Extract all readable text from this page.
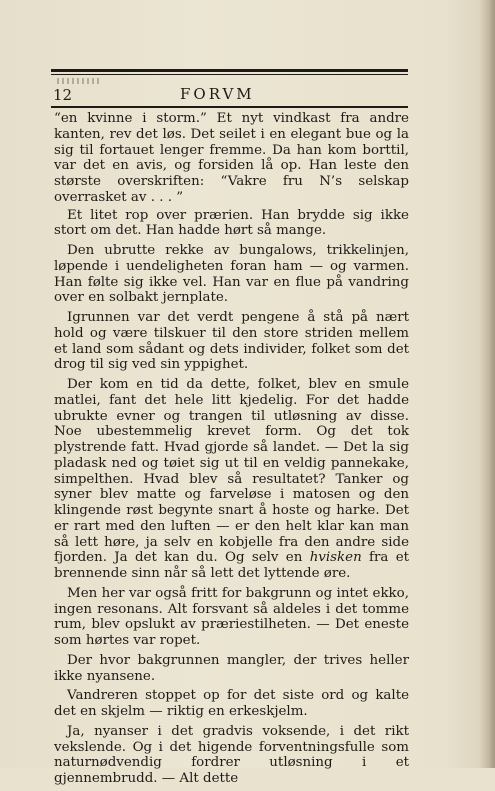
12	FORVM

“en kvinne i storm.” Et nyt vindkast fra andre kanten, rev det løs. Det seilet i en elegant bue og la sig til fortauet lenger fremme. Da han kom borttil, var det en avis, og forsiden lå op. Han leste den største overskriften: “Vakre fru N’s selskap overrasket av . . . ”

Et litet rop over prærien. Han brydde sig ikke stort om det. Han hadde hørt så mange.

Den ubrutte rekke av bungalows, trikkelinjen, løpende i uendeligheten foran ham — og varmen. Han følte sig ikke vel. Han var en flue på vandring over en solbakt jernplate.

Igrunnen var det verdt pengene å stå på nært hold og være tilskuer til den store striden mellem et land som sådant og dets individer, folket som det drog til sig ved sin yppighet.

Der kom en tid da dette, folket, blev en smule matlei, fant det hele litt kjedelig. For det hadde ubrukte evner og trangen til utløsning av disse. Noe ubestemmelig krevet form. Og det tok plystrende fatt. Hvad gjorde så landet. — Det la sig pladask ned og tøiet sig ut til en veldig pannekake, simpelthen. Hvad blev så resultatet? Tanker og syner blev matte og farveløse i matosen og den klingende røst begynte snart å hoste og harke. Det er rart med den luften — er den helt klar kan man så lett høre, ja selv en kobjelle fra den andre side fjorden. Ja det kan du. Og selv en hvisken fra et brennende sinn når så lett det lyttende øre.

Men her var også fritt for bakgrunn og intet ekko, ingen resonans. Alt forsvant så aldeles i det tomme rum, blev opslukt av præriestilheten. — Det eneste som hørtes var ropet.

Der hvor bakgrunnen mangler, der trives heller ikke nyansene.

Vandreren stoppet op for det siste ord og kalte det en skjelm — riktig en erkeskjelm.

Ja, nyanser i det gradvis voksende, i det rikt vekslende. Og i det higende forventningsfulle som naturnødvendig fordrer utløsning i et gjennembrudd. — Alt dette
